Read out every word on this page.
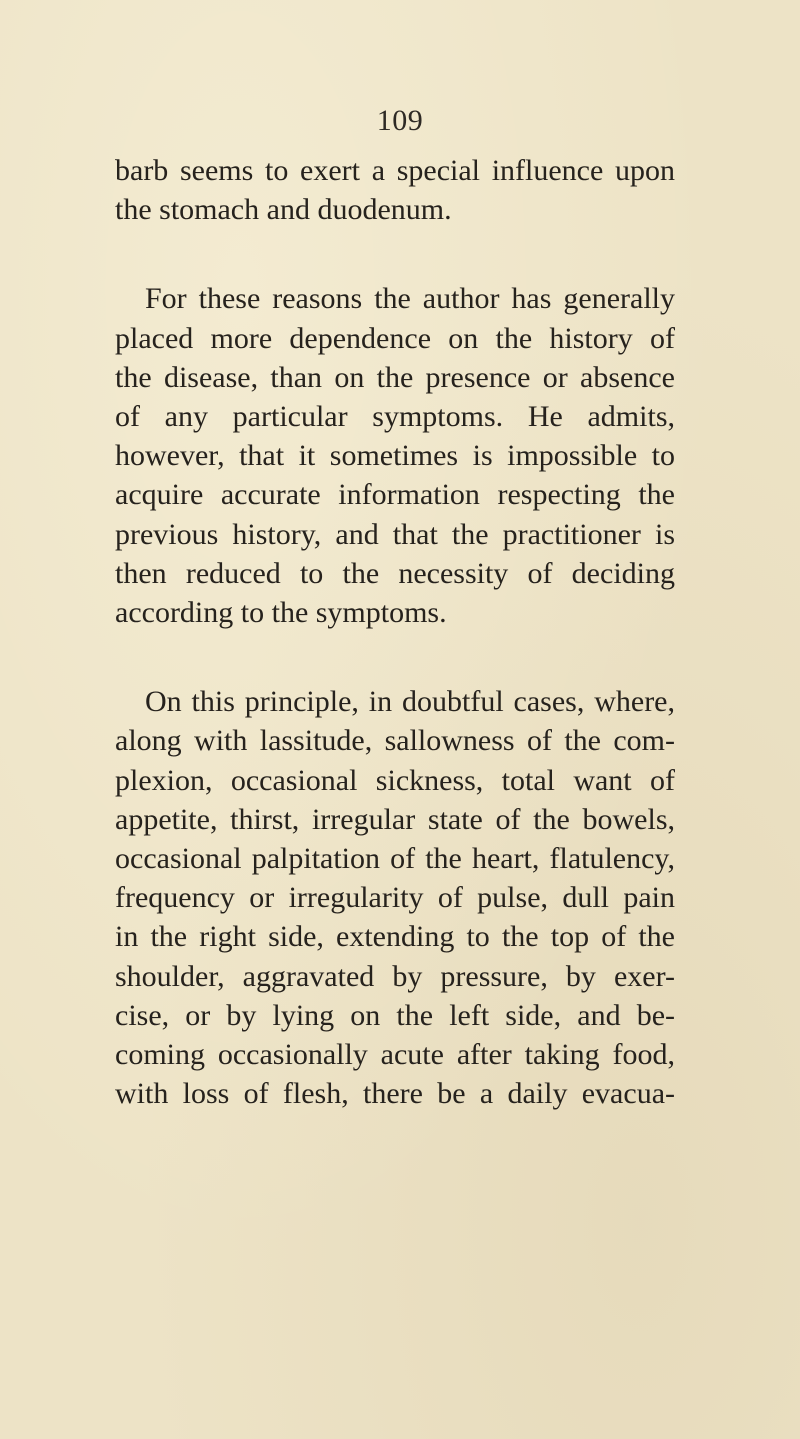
109
barb seems to exert a special influence upon
the stomach and duodenum.
For these reasons the author has generally
placed more dependence on the history of
the disease, than on the presence or absence
of any particular symptoms. He admits,
however, that it sometimes is impossible to
acquire accurate information respecting the
previous history, and that the practitioner is
then reduced to the necessity of deciding
according to the symptoms.
On this principle, in doubtful cases, where,
along with lassitude, sallowness of the com-
plexion, occasional sickness, total want of
appetite, thirst, irregular state of the bowels,
occasional palpitation of the heart, flatulency,
frequency or irregularity of pulse, dull pain
in the right side, extending to the top of the
shoulder, aggravated by pressure, by exer-
cise, or by lying on the left side, and be-
coming occasionally acute after taking food,
with loss of flesh, there be a daily evacua-
